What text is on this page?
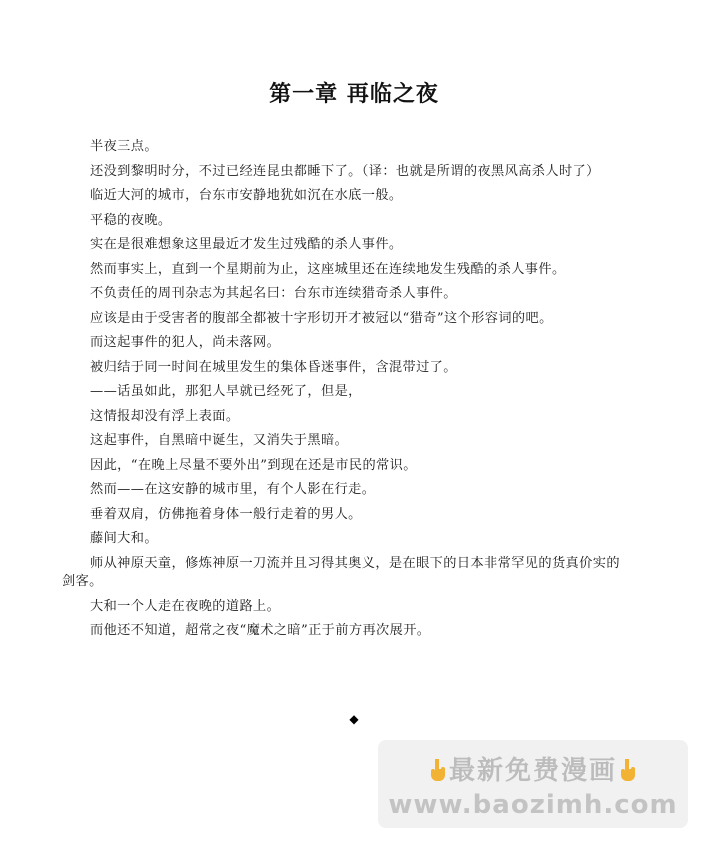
第一章 再临之夜

半夜三点。

还没到黎明时分，不过已经连昆虫都睡下了。（译：也就是所谓的夜黑风高杀人时了）

临近大河的城市，台东市安静地犹如沉在水底一般。

平稳的夜晚。

实在是很难想象这里最近才发生过残酷的杀人事件。

然而事实上，直到一个星期前为止，这座城里还在连续地发生残酷的杀人事件。

不负责任的周刊杂志为其起名曰：台东市连续猎奇杀人事件。

应该是由于受害者的腹部全都被十字形切开才被冠以“猎奇”这个形容词的吧。

而这起事件的犯人，尚未落网。

被归结于同一时间在城里发生的集体昏迷事件，含混带过了。

——话虽如此，那犯人早就已经死了，但是，

这情报却没有浮上表面。

这起事件，自黑暗中诞生，又消失于黑暗。

因此，“在晚上尽量不要外出”到现在还是市民的常识。

然而——在这安静的城市里，有个人影在行走。

垂着双肩，仿佛拖着身体一般行走着的男人。

藤间大和。

师从神原天童，修炼神原一刀流并且习得其奥义，是在眼下的日本非常罕见的货真价实的剑客。

大和一个人走在夜晚的道路上。

而他还不知道，超常之夜“魔术之暗”正于前方再次展开。

◆
最新免费漫画
www.baozimh.com
